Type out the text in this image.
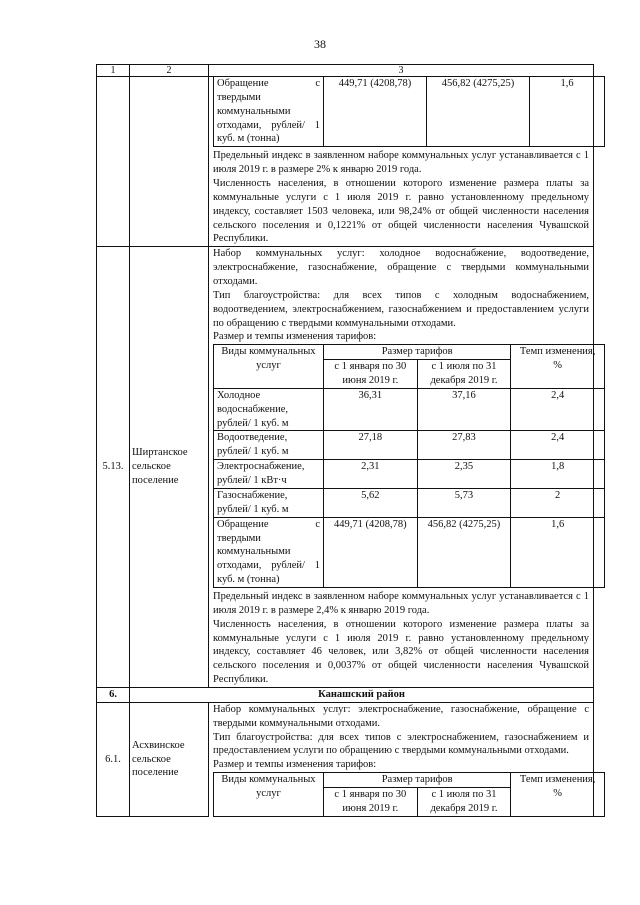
38
1	2	3

Обращение с твердыми коммунальными отходами, рублей/ 1 куб. м (тонна)	449,71 (4208,78)	456,82 (4275,25)	1,6

Предельный индекс в заявленном наборе коммунальных услуг устанавливается с 1 июля 2019 г. в размере 2% к январю 2019 года.

Численность населения, в отношении которого изменение размера платы за коммунальные услуги с 1 июля 2019 г. равно установленному предельному индексу, составляет 1503 человека, или 98,24% от общей численности населения сельского поселения и 0,1221% от общей численности населения Чувашской Республики.

5.13.	Ширтанское сельское поселение	

Набор коммунальных услуг: холодное водоснабжение, водоотведение, электроснабжение, газоснабжение, обращение с твердыми коммунальными отходами.

Тип благоустройства: для всех типов с холодным водоснабжением, водоотведением, электроснабжением, газоснабжением и предоставлением услуги по обращению с твердыми коммунальными отходами.

Размер и темпы изменения тарифов:

Виды коммунальных услуг	Размер тарифов	Темп изменения, %
с 1 января по 30 июня 2019 г.	с 1 июля по 31 декабря 2019 г.
Холодное водоснабжение, рублей/ 1 куб. м	36,31	37,16	2,4
Водоотведение, рублей/ 1 куб. м	27,18	27,83	2,4
Электроснабжение, рублей/ 1 кВт·ч	2,31	2,35	1,8
Газоснабжение, рублей/ 1 куб. м	5,62	5,73	2
Обращение с твердыми коммунальными отходами, рублей/ 1 куб. м (тонна)	449,71 (4208,78)	456,82 (4275,25)	1,6

Предельный индекс в заявленном наборе коммунальных услуг устанавливается с 1 июля 2019 г. в размере 2,4% к январю 2019 года.

Численность населения, в отношении которого изменение размера платы за коммунальные услуги с 1 июля 2019 г. равно установленному предельному индексу, составляет 46 человек, или 3,82% от общей численности населения сельского поселения и 0,0037% от общей численности населения Чувашской Республики.

6.	Канашский район
6.1.	Асхвинское сельское поселение	

Набор коммунальных услуг: электроснабжение, газоснабжение, обращение с твердыми коммунальными отходами.

Тип благоустройства: для всех типов с электроснабжением, газоснабжением и предоставлением услуги по обращению с твердыми коммунальными отходами.

Размер и темпы изменения тарифов:

Виды коммунальных услуг	Размер тарифов	Темп изменения, %
с 1 января по 30 июня 2019 г.	с 1 июля по 31 декабря 2019 г.
